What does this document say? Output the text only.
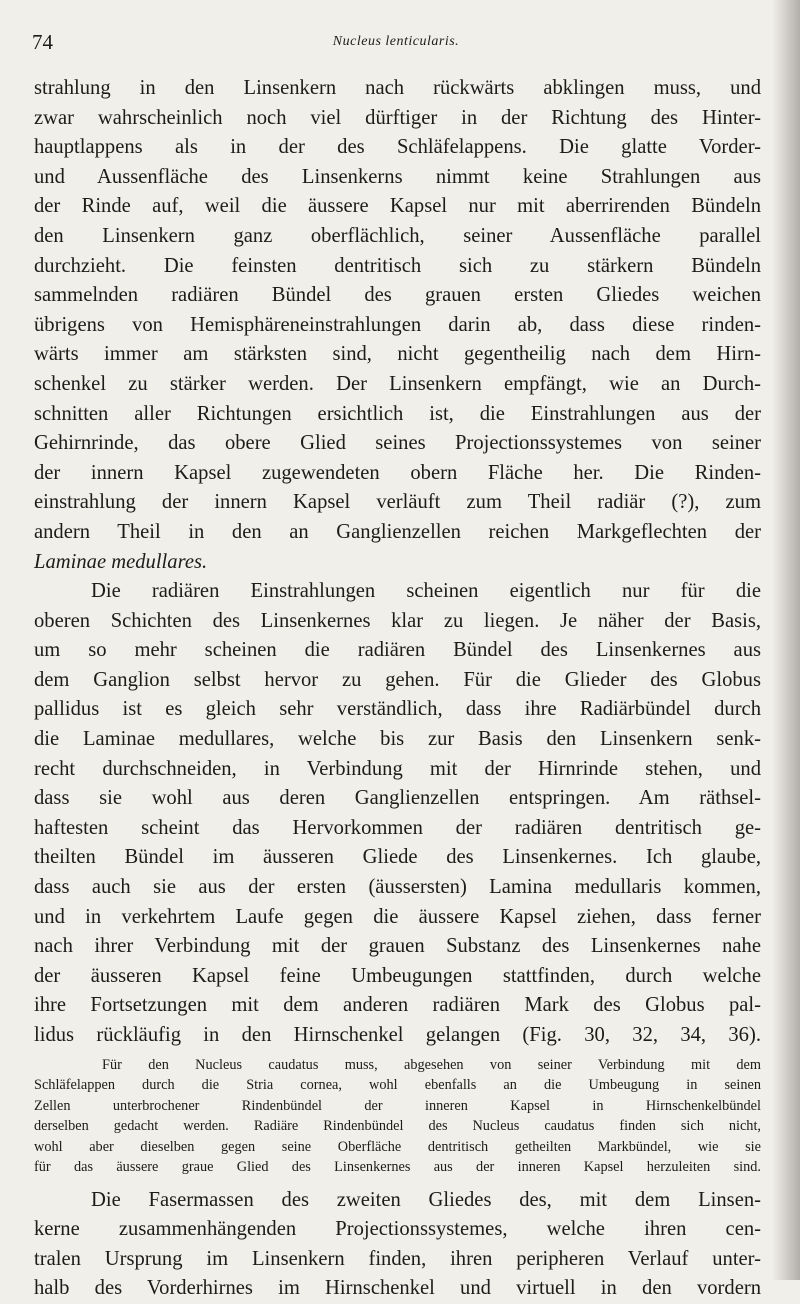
74	Nucleus lenticularis.
strahlung in den Linsenkern nach rückwärts abklingen muss, und
zwar wahrscheinlich noch viel dürftiger in der Richtung des Hinter-
hauptlappens als in der des Schläfelappens. Die glatte Vorder-
und Aussenfläche des Linsenkerns nimmt keine Strahlungen aus
der Rinde auf, weil die äussere Kapsel nur mit aberrirenden Bündeln
den Linsenkern ganz oberflächlich, seiner Aussenfläche parallel
durchzieht. Die feinsten dentritisch sich zu stärkern Bündeln
sammelnden radiären Bündel des grauen ersten Gliedes weichen
übrigens von Hemisphäreneinstrahlungen darin ab, dass diese rinden-
wärts immer am stärksten sind, nicht gegentheilig nach dem Hirn-
schenkel zu stärker werden. Der Linsenkern empfängt, wie an Durch-
schnitten aller Richtungen ersichtlich ist, die Einstrahlungen aus der
Gehirnrinde, das obere Glied seines Projectionssystemes von seiner
der innern Kapsel zugewendeten obern Fläche her. Die Rinden-
einstrahlung der innern Kapsel verläuft zum Theil radiär (?), zum
andern Theil in den an Ganglienzellen reichen Markgeflechten der
Laminae medullares.
Die radiären Einstrahlungen scheinen eigentlich nur für die
oberen Schichten des Linsenkernes klar zu liegen. Je näher der Basis,
um so mehr scheinen die radiären Bündel des Linsenkernes aus
dem Ganglion selbst hervor zu gehen. Für die Glieder des Globus
pallidus ist es gleich sehr verständlich, dass ihre Radiärbündel durch
die Laminae medullares, welche bis zur Basis den Linsenkern senk-
recht durchschneiden, in Verbindung mit der Hirnrinde stehen, und
dass sie wohl aus deren Ganglienzellen entspringen. Am räthsel-
haftesten scheint das Hervorkommen der radiären dentritisch ge-
theilten Bündel im äusseren Gliede des Linsenkernes. Ich glaube,
dass auch sie aus der ersten (äussersten) Lamina medullaris kommen,
und in verkehrtem Laufe gegen die äussere Kapsel ziehen, dass ferner
nach ihrer Verbindung mit der grauen Substanz des Linsenkernes nahe
der äusseren Kapsel feine Umbeugungen stattfinden, durch welche
ihre Fortsetzungen mit dem anderen radiären Mark des Globus pal-
lidus rückläufig in den Hirnschenkel gelangen (Fig. 30, 32, 34, 36).
Für den Nucleus caudatus muss, abgesehen von seiner Verbindung mit dem
Schläfelappen durch die Stria cornea, wohl ebenfalls an die Umbeugung in seinen
Zellen unterbrochener Rindenbündel der inneren Kapsel in Hirnschenkelbündel
derselben gedacht werden. Radiäre Rindenbündel des Nucleus caudatus finden sich nicht,
wohl aber dieselben gegen seine Oberfläche dentritisch getheilten Markbündel, wie sie
für das äussere graue Glied des Linsenkernes aus der inneren Kapsel herzuleiten sind.
Die Fasermassen des zweiten Gliedes des, mit dem Linsen-
kerne zusammenhängenden Projectionssystemes, welche ihren cen-
tralen Ursprung im Linsenkern finden, ihren peripheren Verlauf unter-
halb des Vorderhirnes im Hirnschenkel und virtuell in den vordern
